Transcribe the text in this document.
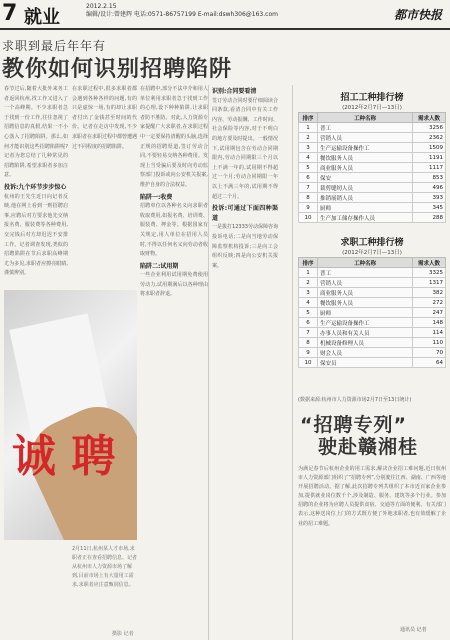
7 就业
2012.2.15
编辑/设计:曾建辉 电话:0571-86757199 E-mail:dswh306@163.com	都市快报
求职到最后年年有
教你如何识别招聘陷阱
春节过后,随着大批外来务工者返回杭州,找工作又进入了一个高峰期。不少求职者急于找到一份工作,往往忽视了招聘信息的真假,结果一不小心落入了招聘陷阱。那么,如何才能识别这些招聘陷阱呢?记者为您总结了几种常见的招聘陷阱,希望求职者多加注意。
投诉:九个环节步步惊心
杭州的王先生近日向记者反映,他在网上看到一则招聘启事,应聘后对方要求他先交纳报名费、服装费等各种费用,交完钱后对方却迟迟不安排工作。记者调查发现,类似的招聘陷阱在节后求职高峰期尤为多见,求职者应擦亮眼睛,谨慎辨别。
在求职过程中,很多求职者都会遇到各种各样的问题,有的只是虚惊一场,有的却让求职者付出了金钱甚至时间的代价。记者在走访中发现,不少求职者在求职过程中都曾遭遇过不同程度的招聘陷阱。
在招聘中,部分不法中介和用人单位利用求职者急于找到工作的心理,设下种种陷阱,让求职者防不胜防。对此,人力资源专家提醒广大求职者,在求职过程中一定要保持清醒的头脑,选择正规的招聘渠道,签订劳动合同,不要轻易交纳各种费用。发现上当受骗后要及时向劳动监察部门投诉或向公安机关报案,维护自身的合法权益。
陷阱一:收费
招聘单位以各种名义向求职者收取费用,如报名费、培训费、服装费、押金等。根据国家有关规定,用人单位在招用人员时,不得以任何名义向劳动者收取财物。
陷阱二:试用期
一些企业利用试用期免费使用劳动力,试用期满后以各种理由将求职者辞退。
识别:合同要看清
签订劳动合同时要仔细阅读合同条款,看清合同中有关工作内容、劳动报酬、工作时间、社会保险等内容,对于不明白的地方要及时提出。一般情况下,试用期包含在劳动合同期限内,劳动合同期限三个月以上不满一年的,试用期不得超过一个月;劳动合同期限一年以上不满三年的,试用期不得超过二个月。
投诉:可通过下面四种渠道
一是拨打12333劳动保障咨询投诉电话;二是向当地劳动保障监察机构投诉;三是向工会组织反映;四是向公安机关报案。
诚 聘
2月11日,杭州某人才市场,求职者正在查看招聘信息。记者从杭州市人力资源市场了解到,目前市场上有大量用工需求,求职者应注意甄别信息。
摄影 记者
招工工种排行榜
(2012年2月7日—13日)
排序	工种名称	需求人数
1	普工	3256
2	营销人员	2362
3	生产运输设备操作工	1509
4	餐饮服务人员	1191
5	商业服务人员	1117
6	保安	853
7	裁剪缝纫人员	496
8	推销展销人员	393
9	厨师	345
10	生产加工储存操作人员	288
求职工种排行榜
(2012年2月7日—13日)
排序	工种名称	需求人数
1	普工	3325
2	营销人员	1317
3	商业服务人员	382
4	餐饮服务人员	272
5	厨师	247
6	生产运输设备操作工	148
7	办事人员和有关人员	114
8	机械设备修理人员	110
9	财会人员	70
10	保安员	64
(数据来源:杭州市人力资源市场2月7日至13日统计)
“招聘专列”
驶赴赣湘桂
为满足春节后杭州企业的用工需求,解决企业招工难问题,近日杭州市人力资源部门组织了“招聘专列”,分别驶往江西、湖南、广西等地开展招聘活动。据了解,此次招聘专列共组织了本市近百家企业参加,提供就业岗位数千个,涉及制造、服务、建筑等多个行业。参加招聘的企业将为应聘人员提供食宿、交通等方面的便利。有关部门表示,这种送岗位上门的方式既方便了外地求职者,也有效缓解了企业的招工难题。
通讯员 记者
